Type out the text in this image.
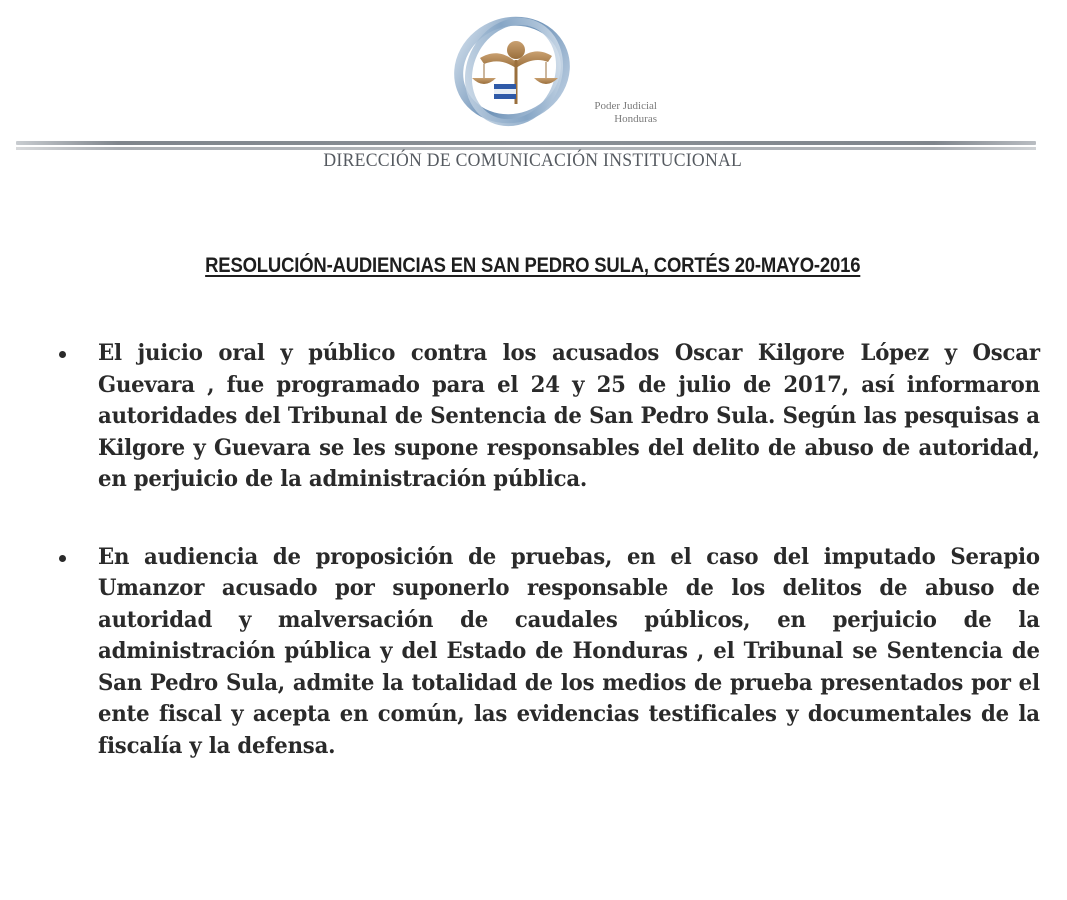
Poder Judicial
Honduras
DIRECCIÓN DE COMUNICACIÓN INSTITUCIONAL
RESOLUCIÓN-AUDIENCIAS EN SAN PEDRO SULA, CORTÉS 20-MAYO-2016
El juicio oral y público contra los acusados Oscar Kilgore López y Oscar Guevara , fue programado para el 24 y 25 de julio de 2017, así informaron autoridades del Tribunal de Sentencia de San Pedro Sula. Según las pesquisas a Kilgore y Guevara se les supone responsables del delito de abuso de autoridad, en perjuicio de la administración pública.
En audiencia de proposición de pruebas, en el caso del imputado Serapio Umanzor acusado por suponerlo responsable de los delitos de abuso de autoridad y malversación de caudales públicos, en perjuicio de la administración pública y del Estado de Honduras , el Tribunal se Sentencia de San Pedro Sula, admite la totalidad de los medios de prueba presentados por el ente fiscal y acepta en común, las evidencias testificales y documentales de la fiscalía y la defensa.
